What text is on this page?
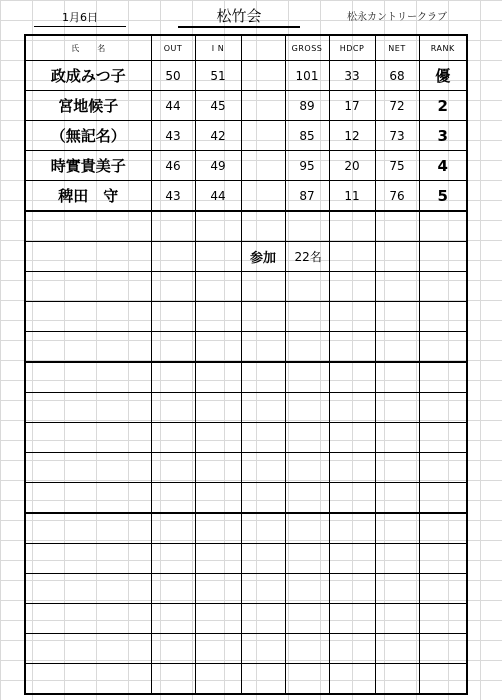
1月6日	松竹会	松永カントリークラブ
氏名	OUT	I N		GROSS	HDCP	NET	RANK
政成みつ子	50	51		101	33	68	優
宮地候子	44	45		89	17	72	2
（無記名）	43	42		85	12	73	3
時實貴美子	46	49		95	20	75	4
稗田　守	43	44		87	11	76	5

			参加	22名			
